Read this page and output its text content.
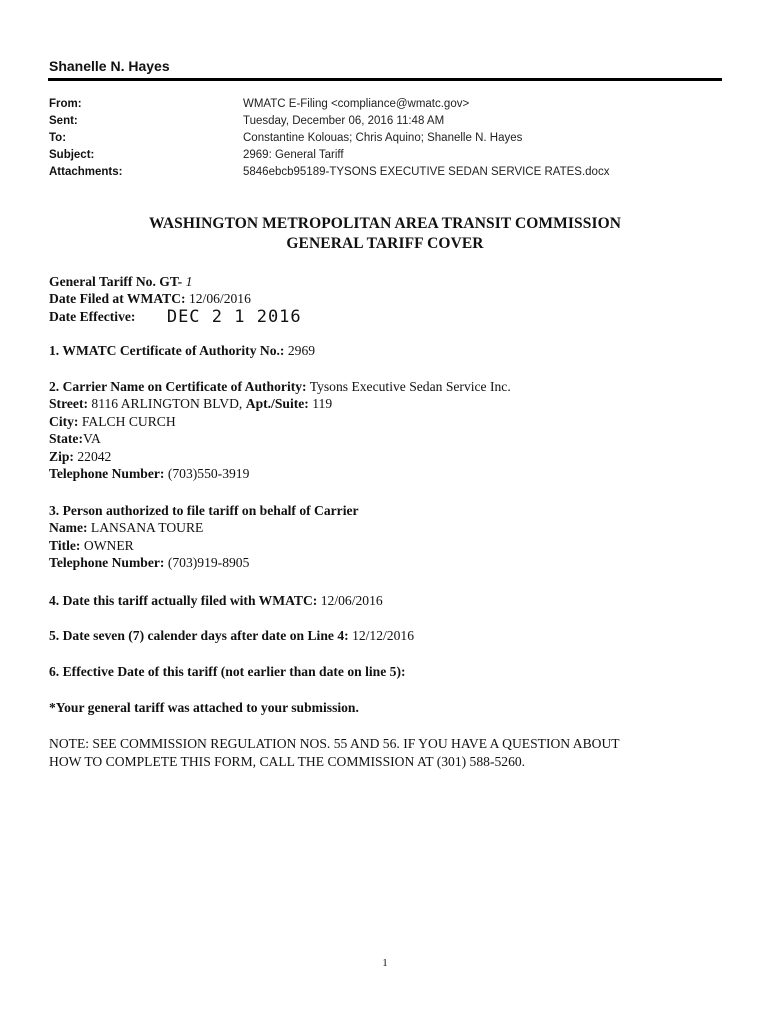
Shanelle N. Hayes
From:	WMATC E-Filing <compliance@wmatc.gov>
Sent:	Tuesday, December 06, 2016 11:48 AM
To:	Constantine Kolouas; Chris Aquino; Shanelle N. Hayes
Subject:	2969: General Tariff
Attachments:	5846ebcb95189-TYSONS EXECUTIVE SEDAN SERVICE RATES.docx
WASHINGTON METROPOLITAN AREA TRANSIT COMMISSION
GENERAL TARIFF COVER
General Tariff No. GT- 1
Date Filed at WMATC: 12/06/2016
Date Effective: DEC 2 1 2016
1. WMATC Certificate of Authority No.: 2969
2. Carrier Name on Certificate of Authority: Tysons Executive Sedan Service Inc.
Street: 8116 ARLINGTON BLVD, Apt./Suite: 119
City: FALCH CURCH
State:VA
Zip: 22042
Telephone Number: (703)550-3919
3. Person authorized to file tariff on behalf of Carrier
Name: LANSANA TOURE
Title: OWNER
Telephone Number: (703)919-8905
4. Date this tariff actually filed with WMATC: 12/06/2016
5. Date seven (7) calender days after date on Line 4: 12/12/2016
6. Effective Date of this tariff (not earlier than date on line 5):
*Your general tariff was attached to your submission.
NOTE: SEE COMMISSION REGULATION NOS. 55 AND 56. IF YOU HAVE A QUESTION ABOUT
HOW TO COMPLETE THIS FORM, CALL THE COMMISSION AT (301) 588-5260.
1
